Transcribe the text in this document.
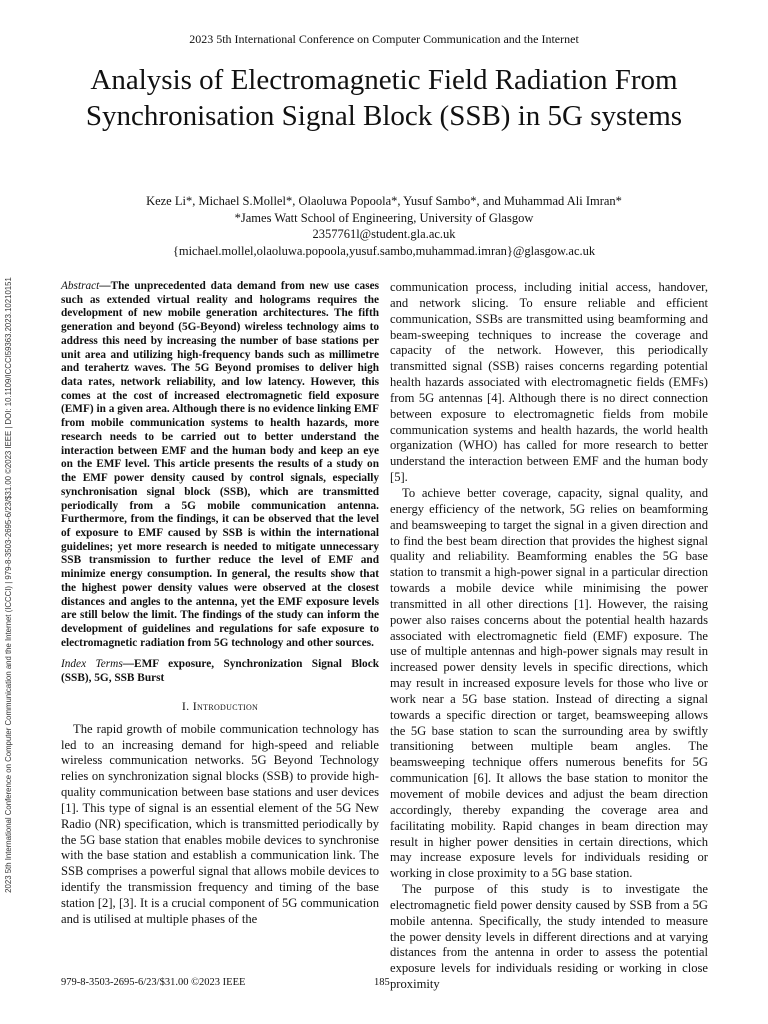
2023 5th International Conference on Computer Communication and the Internet
Analysis of Electromagnetic Field Radiation From
Synchronisation Signal Block (SSB) in 5G systems
Keze Li*, Michael S.Mollel*, Olaoluwa Popoola*, Yusuf Sambo*, and Muhammad Ali Imran*
*James Watt School of Engineering, University of Glasgow
2357761l@student.gla.ac.uk
{michael.mollel,olaoluwa.popoola,yusuf.sambo,muhammad.imran}@glasgow.ac.uk
2023 5th International Conference on Computer Communication and the Internet (ICCCI) | 979-8-3503-2695-6/23/$31.00 ©2023 IEEE | DOI: 10.1109/ICCCI59363.2023.10210151	Abstract—The unprecedented data demand from new use cases such as extended virtual reality and holograms requires the development of new mobile generation architectures. The fifth generation and beyond (5G-Beyond) wireless technology aims to address this need by increasing the number of base stations per unit area and utilizing high-frequency bands such as millimetre and terahertz waves. The 5G Beyond promises to deliver high data rates, network reliability, and low latency. However, this comes at the cost of increased electromagnetic field exposure (EMF) in a given area. Although there is no evidence linking EMF from mobile communication systems to health hazards, more research needs to be carried out to better understand the interaction between EMF and the human body and keep an eye on the EMF level. This article presents the results of a study on the EMF power density caused by control signals, especially synchronisation signal block (SSB), which are transmitted periodically from a 5G mobile communication antenna. Furthermore, from the findings, it can be observed that the level of exposure to EMF caused by SSB is within the international guidelines; yet more research is needed to mitigate unnecessary SSB transmission to further reduce the level of EMF and minimize energy consumption. In general, the results show that the highest power density values were observed at the closest distances and angles to the antenna, yet the EMF exposure levels are still below the limit. The findings of the study can inform the development of guidelines and regulations for safe exposure to electromagnetic radiation from 5G technology and other sources.

Index Terms—EMF exposure, Synchronization Signal Block (SSB), 5G, SSB Burst

I. Introduction

The rapid growth of mobile communication technology has led to an increasing demand for high-speed and reliable wireless communication networks. 5G Beyond Technology relies on synchronization signal blocks (SSB) to provide high-quality communication between base stations and user devices [1]. This type of signal is an essential element of the 5G New Radio (NR) specification, which is transmitted periodically by the 5G base station that enables mobile devices to synchronise with the base station and establish a communication link. The SSB comprises a powerful signal that allows mobile devices to identify the transmission frequency and timing of the base station [2], [3]. It is a crucial component of 5G communication and is utilised at multiple phases of the

communication process, including initial access, handover, and network slicing. To ensure reliable and efficient communication, SSBs are transmitted using beamforming and beam-sweeping techniques to increase the coverage and capacity of the network. However, this periodically transmitted signal (SSB) raises concerns regarding potential health hazards associated with electromagnetic fields (EMFs) from 5G antennas [4]. Although there is no direct connection between exposure to electromagnetic fields from mobile communication systems and health hazards, the world health organization (WHO) has called for more research to better understand the interaction between EMF and the human body [5].

To achieve better coverage, capacity, signal quality, and energy efficiency of the network, 5G relies on beamforming and beamsweeping to target the signal in a given direction and to find the best beam direction that provides the highest signal quality and reliability. Beamforming enables the 5G base station to transmit a high-power signal in a particular direction towards a mobile device while minimising the power transmitted in all other directions [1]. However, the raising power also raises concerns about the potential health hazards associated with electromagnetic field (EMF) exposure. The use of multiple antennas and high-power signals may result in increased power density levels in specific directions, which may result in increased exposure levels for those who live or work near a 5G base station. Instead of directing a signal towards a specific direction or target, beamsweeping allows the 5G base station to scan the surrounding area by swiftly transitioning between multiple beam angles. The beamsweeping technique offers numerous benefits for 5G communication [6]. It allows the base station to monitor the movement of mobile devices and adjust the beam direction accordingly, thereby expanding the coverage area and facilitating mobility. Rapid changes in beam direction may result in higher power densities in certain directions, which may increase exposure levels for individuals residing or working in close proximity to a 5G base station.

The purpose of this study is to investigate the electromagnetic field power density caused by SSB from a 5G mobile antenna. Specifically, the study intended to measure the power density levels in different directions and at varying distances from the antenna in order to assess the potential exposure levels for individuals residing or working in close proximity

979-8-3503-2695-6/23/$31.00 ©2023 IEEE	185
